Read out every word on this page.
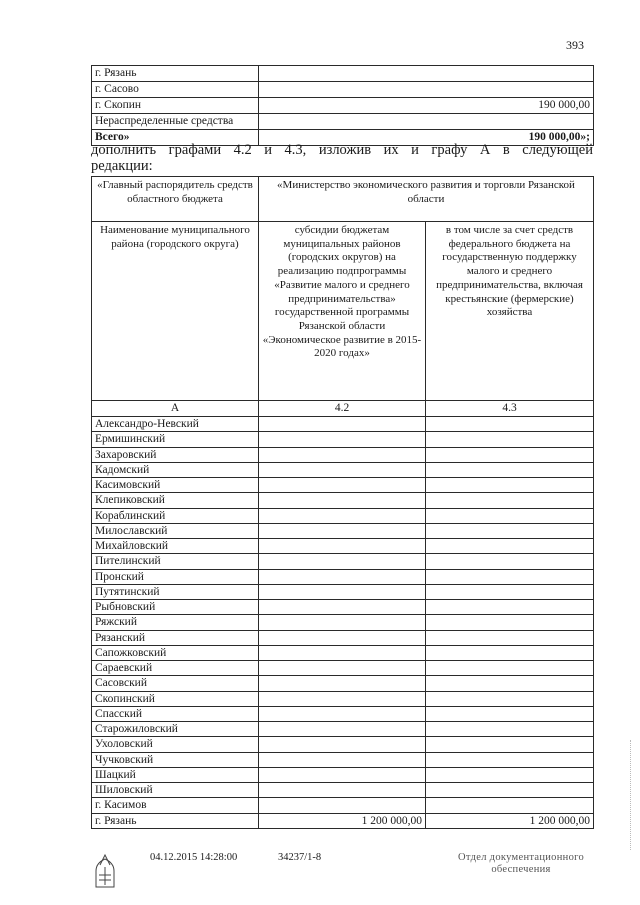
393
г. Рязань	
г. Сасово	
г. Скопин	190 000,00
Нераспределенные средства	
Всего»	190 000,00»;
дополнить графами 4.2 и 4.3, изложив их и графу А в следующей
редакции:
«Главный распорядитель средств областного бюджета	«Министерство экономического развития и торговли Рязанской области	
Наименование муниципального района (городского округа)	субсидии бюджетам муниципальных районов (городских округов) на реализацию подпрограммы «Развитие малого и среднего предпринимательства» государственной программы Рязанской области «Экономическое развитие в 2015-2020 годах»	в том числе за счет средств федерального бюджета на государственную поддержку малого и среднего предпринимательства, включая крестьянские (фермерские) хозяйства
А	4.2	4.3
Александро-Невский		
Ермишинский		
Захаровский		
Кадомский		
Касимовский		
Клепиковский		
Кораблинский		
Милославский		
Михайловский		
Пителинский		
Пронский		
Путятинский		
Рыбновский		
Ряжский		
Рязанский		
Сапожковский		
Сараевский		
Сасовский		
Скопинский		
Спасский		
Старожиловский		
Ухоловский		
Чучковский		
Шацкий		
Шиловский		
г. Касимов		
г. Рязань	1 200 000,00	1 200 000,00
04.12.2015 14:28:00	34237/1-8	Отдел документационного обеспечения
